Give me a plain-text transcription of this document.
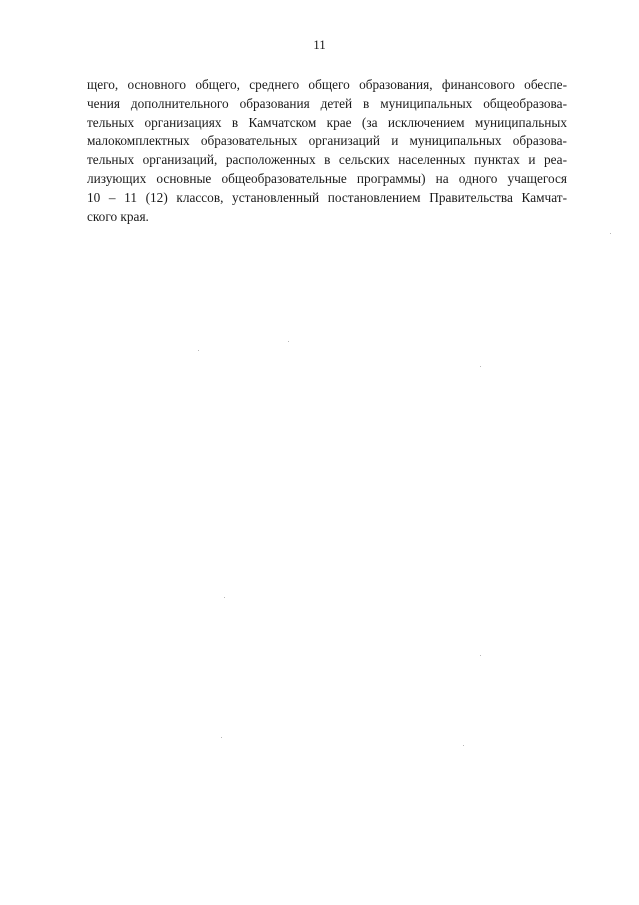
11
щего, основного общего, среднего общего образования, финансового обеспе-
чения дополнительного образования детей в муниципальных общеобразова-
тельных организациях в Камчатском крае (за исключением муниципальных
малокомплектных образовательных организаций и муниципальных образова-
тельных организаций, расположенных в сельских населенных пунктах и реа-
лизующих основные общеобразовательные программы) на одного учащегося
10 – 11 (12) классов, установленный постановлением Правительства Камчат-
ского края.
